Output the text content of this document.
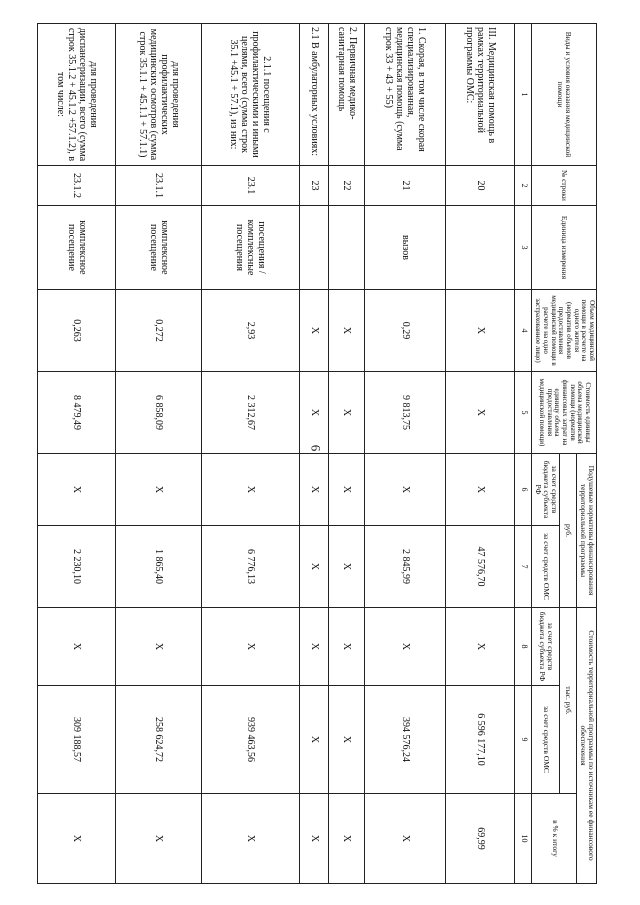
6
Виды и условия оказания медицинской помощи	№ строки	Единица измерения	Объем медицинской помощи в расчете на одного жителя (норматив объемов предоставления медицинской помощи в расчете на одно застрахованное лицо)	Стоимость единицы объема медицинской помощи (норматив финансовых затрат на единицу объема предоставления медицинской помощи)	Подушевые нормативы финансирования территориальной программы		Стоимость территориальной программы по источникам ее финансового обеспечения		
					руб.		тыс. руб.		в % к итогу
					за счет средств бюджета субъекта РФ	за счет средств ОМС	за счет средств бюджета субъекта РФ	за счет средств ОМС	
1	2	3	4	5	6	7	8	9	10
III. Медицинская помощь в рамках территориальной программы ОМС:	20		X	X	X	47 576,70	X	6 596 177,10	69,99
1. Скорая, в том числе скорая специализированная, медицинская помощь (сумма строк 33 + 43 + 55)	21	вызов	0,29	9 813,75	X	2 845,99	X	394 576,24	X
2. Первичная медико-санитарная помощь	22		X	X	X	X	X	X	X
2.1 В амбулаторных условиях:	23		X	X	X	X	X	X	X
2.1.1 посещения с профилактическими и иными целями, всего (сумма строк 35.1 +45.1 + 57.1), из них:	23.1	посещения / комплексные посещения	2,93	2 312,67	X	6 776,13	X	939 463,56	X
для проведения профилактических медицинских осмотров (сумма строк 35.1.1 + 45.1.1 + 57.1.1)	23.1.1	комплексное посещение	0,272	6 858,09	X	1 865,40	X	258 624,72	X
для проведения диспансеризации, всего (сумма строк 35.1.2 + 45.1.2 +57.1.2), в том числе:	23.1.2	комплексное посещение	0,263	8 479,49	X	2 230,10	X	309 188,57	X
